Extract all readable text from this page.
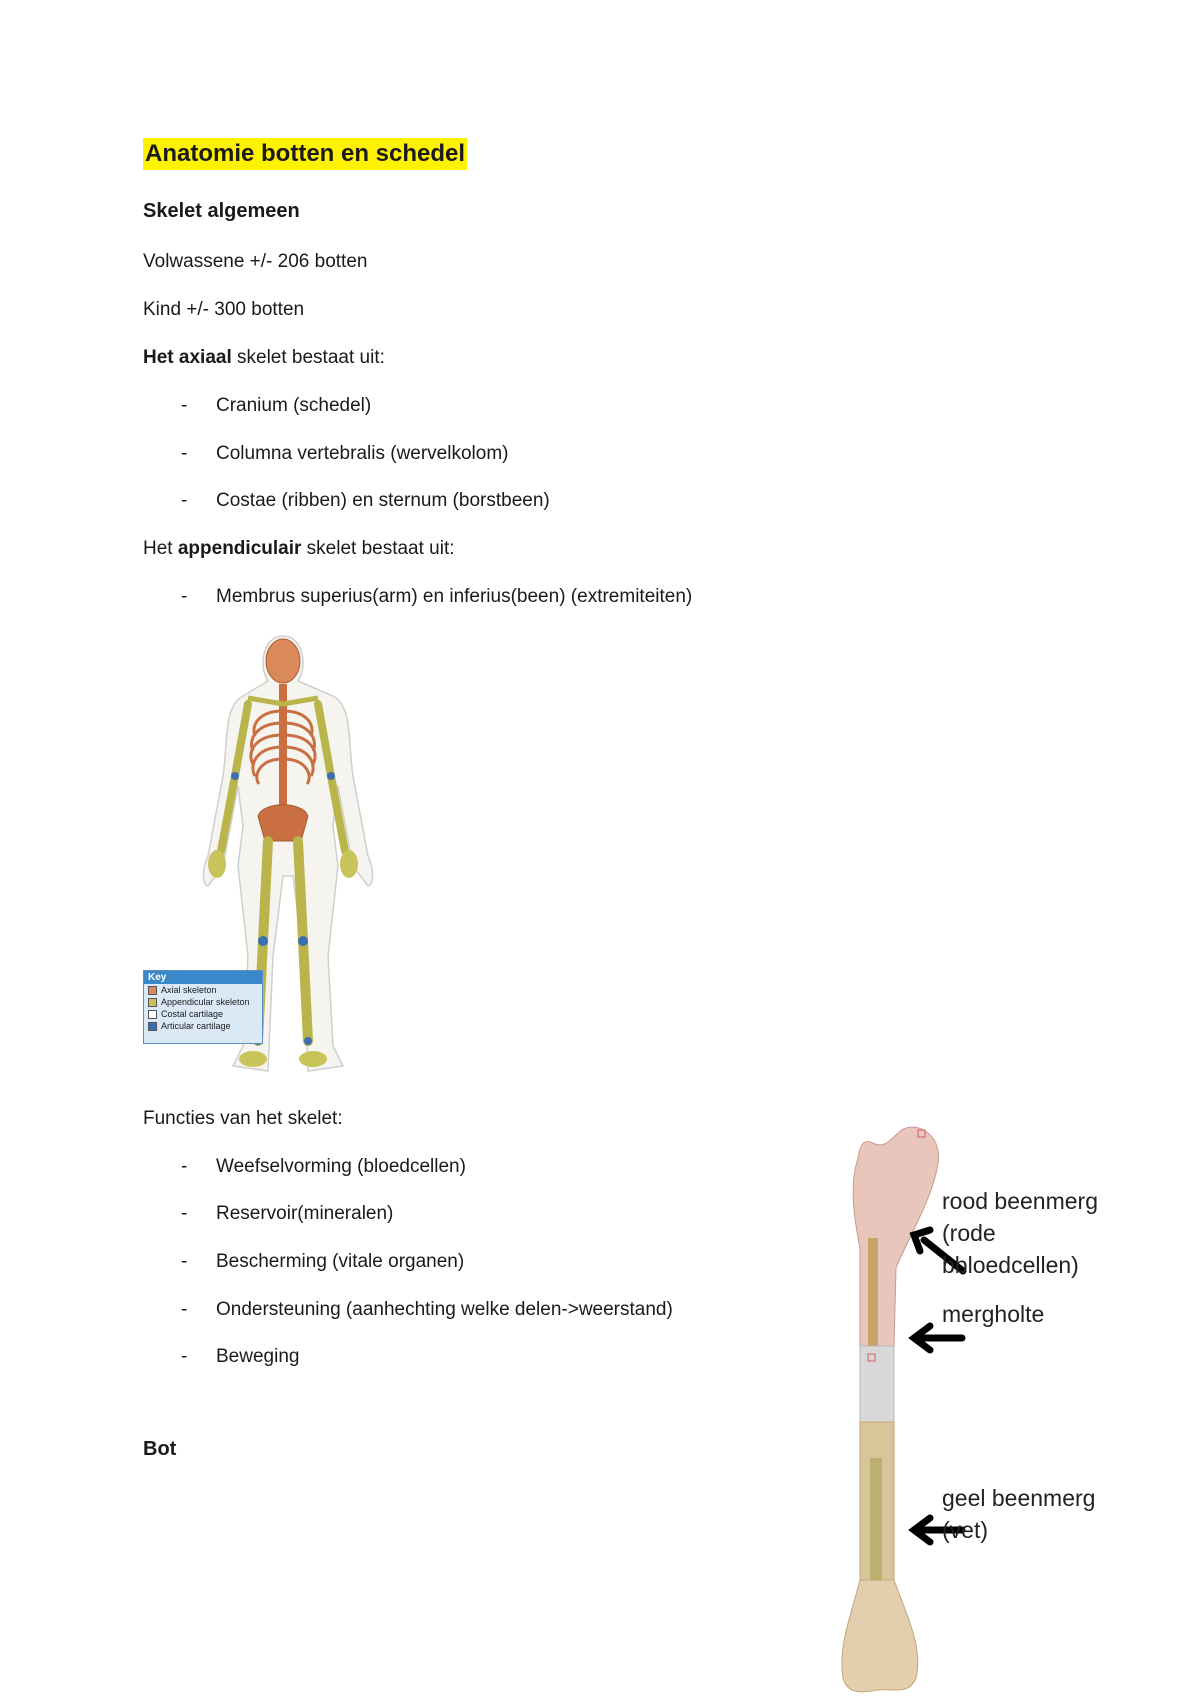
Anatomie botten en schedel
Skelet algemeen
Volwassene +/- 206 botten
Kind +/- 300 botten
Het axiaal skelet bestaat uit:
- Cranium (schedel)
- Columna vertebralis (wervelkolom)
- Costae (ribben) en sternum (borstbeen)
Het appendiculair skelet bestaat uit:
- Membrus superius(arm) en inferius(been) (extremiteiten)
Functies van het skelet:
- Weefselvorming (bloedcellen)
- Reservoir(mineralen)
- Bescherming (vitale organen)
- Ondersteuning (aanhechting welke delen->weerstand)
- Beweging
Bot
Key
Axial skeleton
Appendicular skeleton
Costal cartilage
Articular cartilage
rood beenmerg
(rode
bbloedcellen)
mergholte
geel beenmerg
(vet)
